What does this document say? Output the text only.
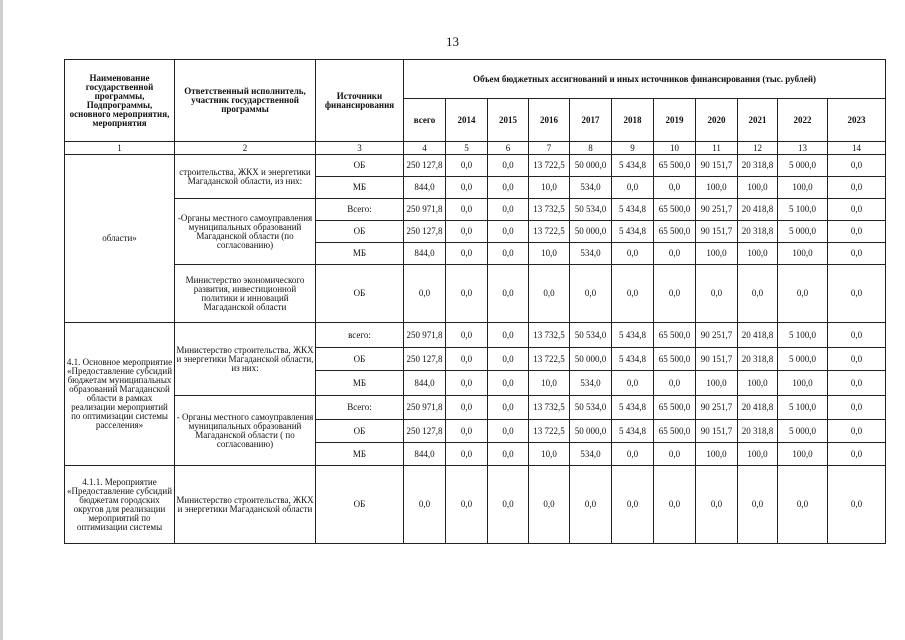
13
Наименование государственной программы, Подпрограммы, основного мероприятия, мероприятия	Ответственный исполнитель, участник государственной программы	Источники финансирования	Объем бюджетных ассигнований и иных источников финансирования (тыс. рублей)										
			всего	2014	2015	2016	2017	2018	2019	2020	2021	2022	2023
1	2	3	4	5	6	7	8	9	10	11	12	13	14
области»	строительства, ЖКХ и энергетики Магаданской области, из них:	ОБ	250 127,8	0,0	0,0	13 722,5	50 000,0	5 434,8	65 500,0	90 151,7	20 318,8	5 000,0	0,0
		МБ	844,0	0,0	0,0	10,0	534,0	0,0	0,0	100,0	100,0	100,0	0,0
	-Органы местного самоуправления муниципальных образований Магаданской области (по согласованию)	Всего:	250 971,8	0,0	0,0	13 732,5	50 534,0	5 434,8	65 500,0	90 251,7	20 418,8	5 100,0	0,0
		ОБ	250 127,8	0,0	0,0	13 722,5	50 000,0	5 434,8	65 500,0	90 151,7	20 318,8	5 000,0	0,0
		МБ	844,0	0,0	0,0	10,0	534,0	0,0	0,0	100,0	100,0	100,0	0,0
	Министерство экономического развития, инвестиционной политики и инноваций Магаданской области	ОБ	0,0	0,0	0,0	0,0	0,0	0,0	0,0	0,0	0,0	0,0	0,0
4.1. Основное мероприятие «Предоставление субсидий бюджетам муниципальных образований Магаданской области в рамках реализации мероприятий по оптимизации системы расселения»	Министерство строительства, ЖКХ и энергетики Магаданской области, из них:	всего:	250 971,8	0,0	0,0	13 732,5	50 534,0	5 434,8	65 500,0	90 251,7	20 418,8	5 100,0	0,0
		ОБ	250 127,8	0,0	0,0	13 722,5	50 000,0	5 434,8	65 500,0	90 151,7	20 318,8	5 000,0	0,0
		МБ	844,0	0,0	0,0	10,0	534,0	0,0	0,0	100,0	100,0	100,0	0,0
	- Органы местного самоуправления муниципальных образований Магаданской области ( по согласованию)	Всего:	250 971,8	0,0	0,0	13 732,5	50 534,0	5 434,8	65 500,0	90 251,7	20 418,8	5 100,0	0,0
		ОБ	250 127,8	0,0	0,0	13 722,5	50 000,0	5 434,8	65 500,0	90 151,7	20 318,8	5 000,0	0,0
		МБ	844,0	0,0	0,0	10,0	534,0	0,0	0,0	100,0	100,0	100,0	0,0
4.1.1. Мероприятие «Предоставление субсидий бюджетам городских округов для реализации мероприятий по оптимизации системы	Министерство строительства, ЖКХ и энергетики Магаданской области	ОБ	0,0	0,0	0,0	0,0	0,0	0,0	0,0	0,0	0,0	0,0	0,0
